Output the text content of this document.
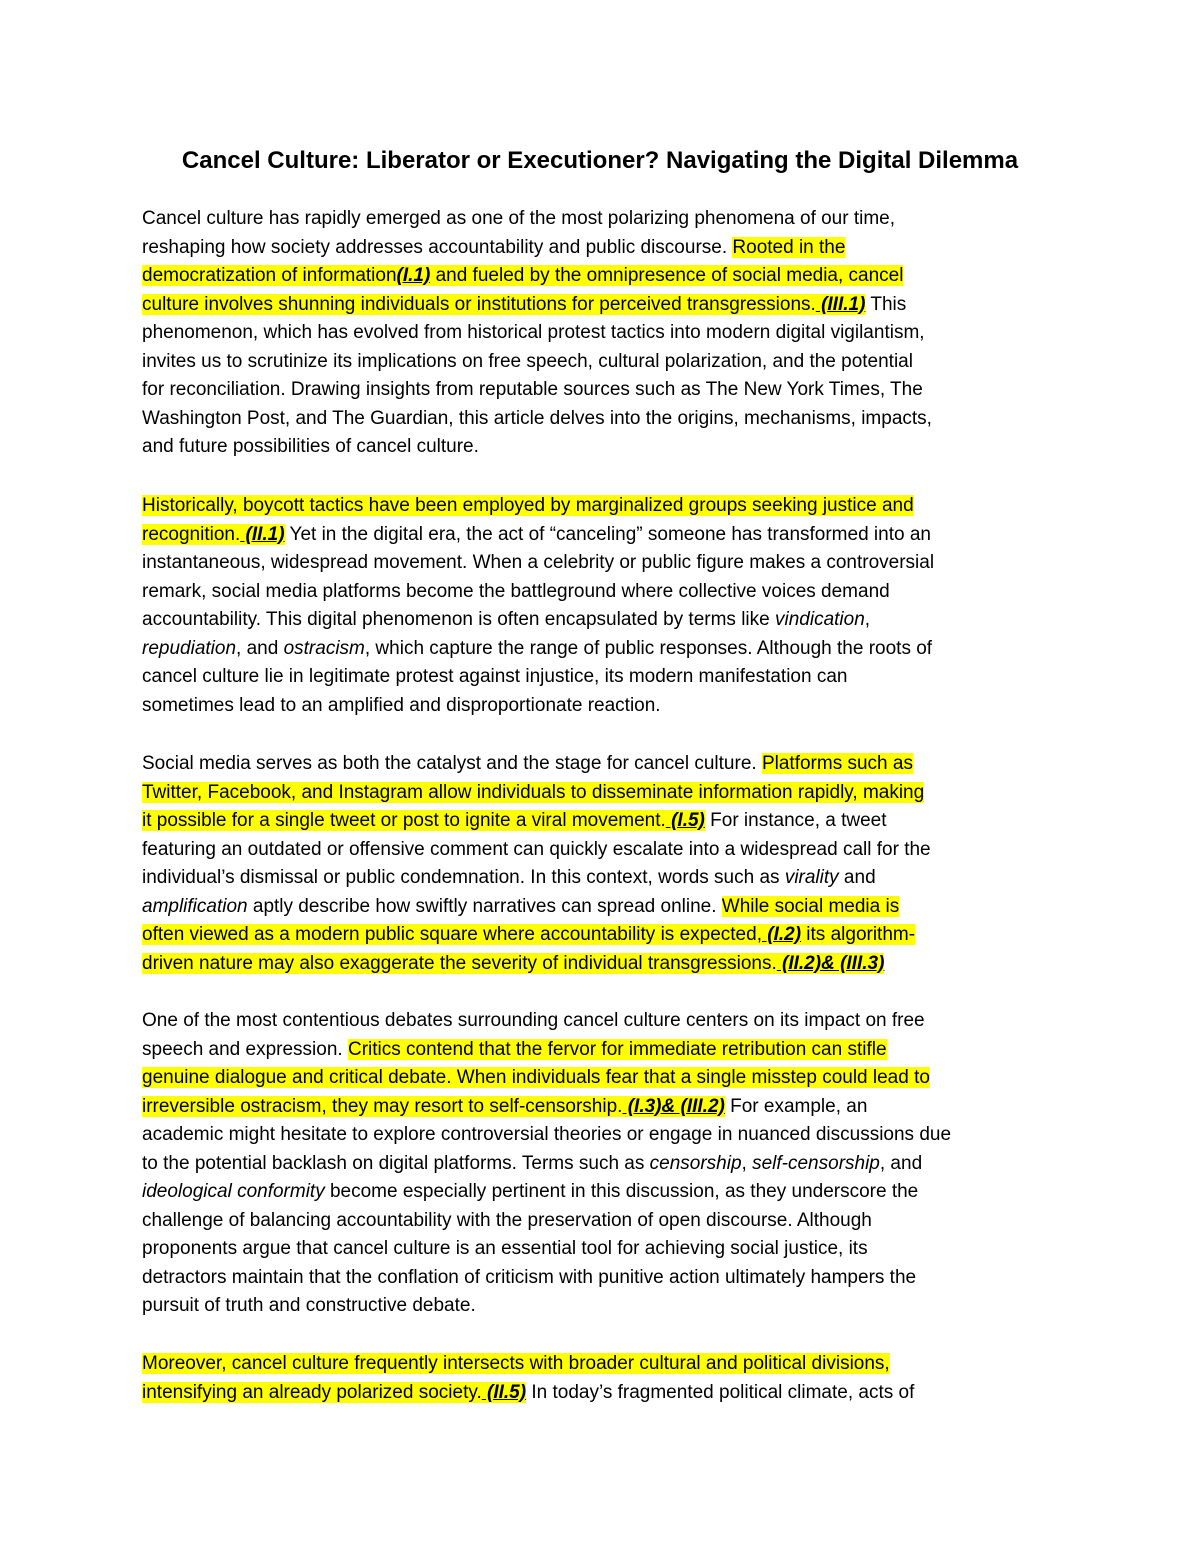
Cancel Culture: Liberator or Executioner? Navigating the Digital Dilemma
Cancel culture has rapidly emerged as one of the most polarizing phenomena of our time,
reshaping how society addresses accountability and public discourse. Rooted in the
democratization of information(I.1) and fueled by the omnipresence of social media, cancel
culture involves shunning individuals or institutions for perceived transgressions. (III.1) This
phenomenon, which has evolved from historical protest tactics into modern digital vigilantism,
invites us to scrutinize its implications on free speech, cultural polarization, and the potential
for reconciliation. Drawing insights from reputable sources such as The New York Times, The
Washington Post, and The Guardian, this article delves into the origins, mechanisms, impacts,
and future possibilities of cancel culture.
Historically, boycott tactics have been employed by marginalized groups seeking justice and
recognition. (II.1) Yet in the digital era, the act of “canceling” someone has transformed into an
instantaneous, widespread movement. When a celebrity or public figure makes a controversial
remark, social media platforms become the battleground where collective voices demand
accountability. This digital phenomenon is often encapsulated by terms like vindication,
repudiation, and ostracism, which capture the range of public responses. Although the roots of
cancel culture lie in legitimate protest against injustice, its modern manifestation can
sometimes lead to an amplified and disproportionate reaction.
Social media serves as both the catalyst and the stage for cancel culture. Platforms such as
Twitter, Facebook, and Instagram allow individuals to disseminate information rapidly, making
it possible for a single tweet or post to ignite a viral movement. (I.5) For instance, a tweet
featuring an outdated or offensive comment can quickly escalate into a widespread call for the
individual’s dismissal or public condemnation. In this context, words such as virality and
amplification aptly describe how swiftly narratives can spread online. While social media is
often viewed as a modern public square where accountability is expected, (I.2) its algorithm-
driven nature may also exaggerate the severity of individual transgressions. (II.2)& (III.3)
One of the most contentious debates surrounding cancel culture centers on its impact on free
speech and expression. Critics contend that the fervor for immediate retribution can stifle
genuine dialogue and critical debate. When individuals fear that a single misstep could lead to
irreversible ostracism, they may resort to self-censorship. (I.3)& (III.2) For example, an
academic might hesitate to explore controversial theories or engage in nuanced discussions due
to the potential backlash on digital platforms. Terms such as censorship, self-censorship, and
ideological conformity become especially pertinent in this discussion, as they underscore the
challenge of balancing accountability with the preservation of open discourse. Although
proponents argue that cancel culture is an essential tool for achieving social justice, its
detractors maintain that the conflation of criticism with punitive action ultimately hampers the
pursuit of truth and constructive debate.
Moreover, cancel culture frequently intersects with broader cultural and political divisions,
intensifying an already polarized society. (II.5) In today’s fragmented political climate, acts of
